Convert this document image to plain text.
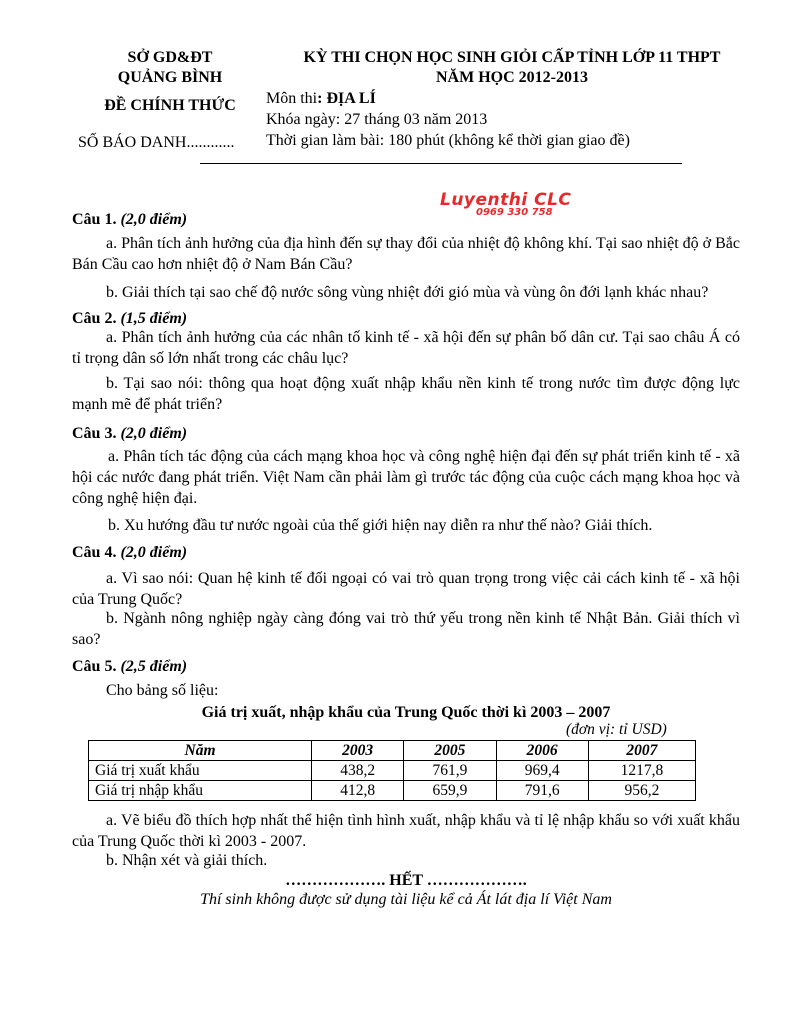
SỞ GD&ĐT
QUẢNG BÌNH
ĐỀ CHÍNH THỨC
SỐ BÁO DANH............
KỲ THI CHỌN HỌC SINH GIỎI CẤP TỈNH LỚP 11 THPT
NĂM HỌC 2012-2013
Môn thi: ĐỊA LÍ
Khóa ngày: 27 tháng 03 năm 2013
Thời gian làm bài: 180 phút (không kể thời gian giao đề)
Luyenthi CLC
0969 330 758
Câu 1. (2,0 điểm)
a. Phân tích ảnh hưởng của địa hình đến sự thay đổi của nhiệt độ không khí. Tại sao nhiệt độ ở Bắc Bán Cầu cao hơn nhiệt độ ở Nam Bán Cầu?
b. Giải thích tại sao chế độ nước sông vùng nhiệt đới gió mùa và vùng ôn đới lạnh khác nhau?
Câu 2. (1,5 điểm)
a. Phân tích ảnh hưởng của các nhân tố kinh tế - xã hội đến sự phân bố dân cư. Tại sao châu Á có tỉ trọng dân số lớn nhất trong các châu lục?
b. Tại sao nói: thông qua hoạt động xuất nhập khẩu nền kinh tế trong nước tìm được động lực mạnh mẽ để phát triển?
Câu 3. (2,0 điểm)
a. Phân tích tác động của cách mạng khoa học và công nghệ hiện đại đến sự phát triển kinh tế - xã hội các nước đang phát triển. Việt Nam cần phải làm gì trước tác động của cuộc cách mạng khoa học và công nghệ hiện đại.
b. Xu hướng đầu tư nước ngoài của thế giới hiện nay diễn ra như thế nào? Giải thích.
Câu 4. (2,0 điểm)
a. Vì sao nói: Quan hệ kinh tế đối ngoại có vai trò quan trọng trong việc cải cách kinh tế - xã hội của Trung Quốc?
b. Ngành nông nghiệp ngày càng đóng vai trò thứ yếu trong nền kinh tế Nhật Bản. Giải thích vì sao?
Câu 5. (2,5 điểm)
Cho bảng số liệu:
Giá trị xuất, nhập khẩu của Trung Quốc thời kì 2003 – 2007
(đơn vị: tỉ USD)
Năm	2003	2005	2006	2007
Giá trị xuất khẩu	438,2	761,9	969,4	1217,8
Giá trị nhập khẩu	412,8	659,9	791,6	956,2
a. Vẽ biểu đồ thích hợp nhất thể hiện tình hình xuất, nhập khẩu và tỉ lệ nhập khẩu so với xuất khẩu của Trung Quốc thời kì 2003 - 2007.
b. Nhận xét và giải thích.
………………. HẾT ……………….
Thí sinh không được sử dụng tài liệu kể cả Át lát địa lí Việt Nam
